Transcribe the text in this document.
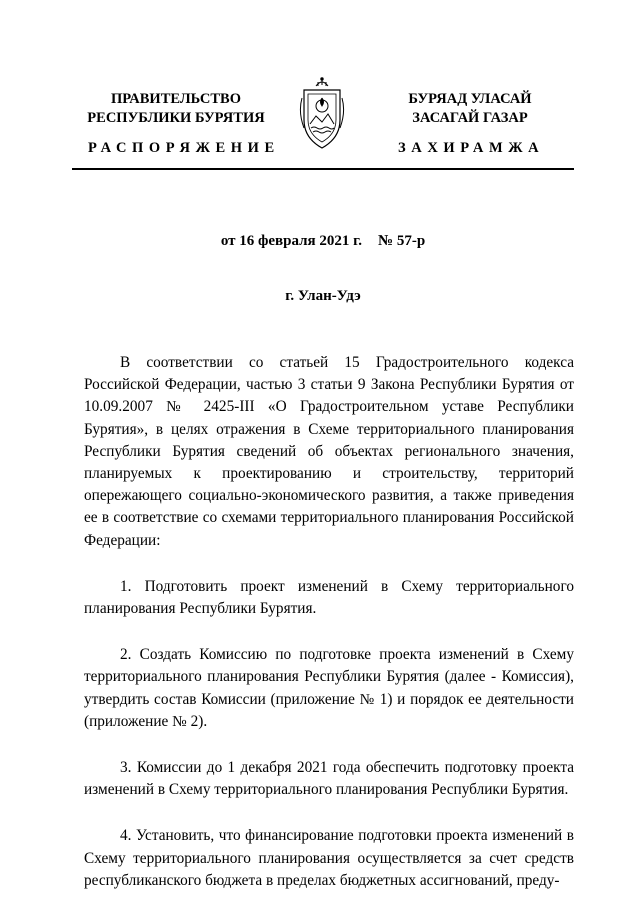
ПРАВИТЕЛЬСТВО
РЕСПУБЛИКИ БУРЯТИЯ
БУРЯАД УЛАСАЙ
ЗАСАГАЙ ГАЗАР
РАСПОРЯЖЕНИЕ	ЗАХИРАМЖА
от 16 февраля 2021 г. № 57-р
г. Улан-Удэ

В соответствии со статьей 15 Градостроительного кодекса Российской Федерации, частью 3 статьи 9 Закона Республики Бурятия от 10.09.2007 № 2425-III «О Градостроительном уставе Республики Бурятия», в целях отражения в Схеме территориального планирования Республики Бурятия сведений об объектах регионального значения, планируемых к проектированию и строительству, территорий опережающего социально-экономического развития, а также приведения ее в соответствие со схемами территориального планирования Российской Федерации:

1. Подготовить проект изменений в Схему территориального планирования Республики Бурятия.

2. Создать Комиссию по подготовке проекта изменений в Схему территориального планирования Республики Бурятия (далее - Комиссия), утвердить состав Комиссии (приложение № 1) и порядок ее деятельности (приложение № 2).

3. Комиссии до 1 декабря 2021 года обеспечить подготовку проекта изменений в Схему территориального планирования Республики Бурятия.

4. Установить, что финансирование подготовки проекта изменений в Схему территориального планирования осуществляется за счет средств республиканского бюджета в пределах бюджетных ассигнований, преду-
